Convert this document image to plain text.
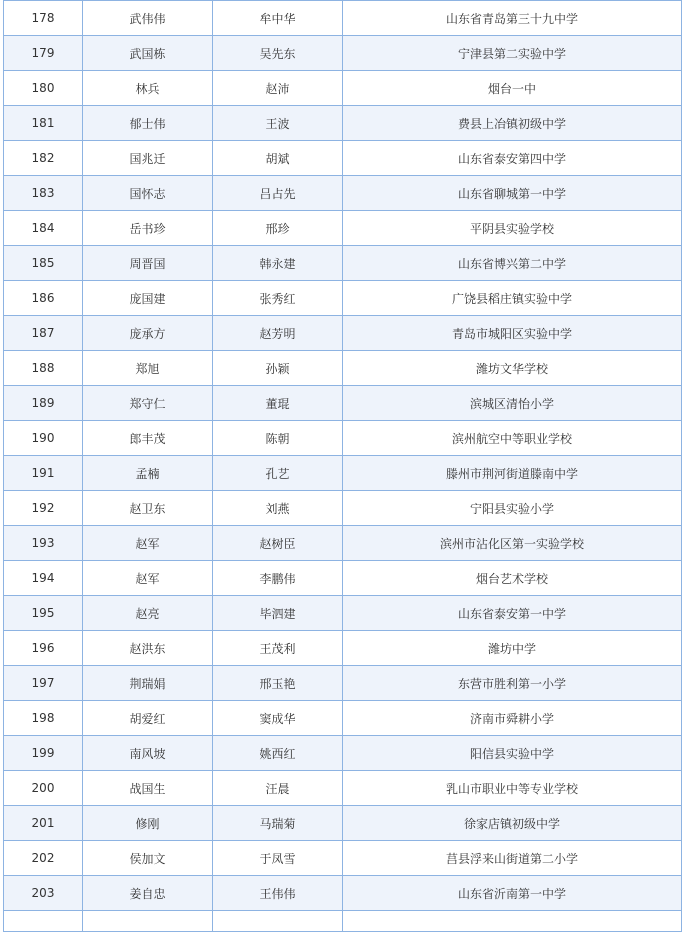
178	武伟伟	牟中华	山东省青岛第三十九中学
179	武国栋	吴先东	宁津县第二实验中学
180	林兵	赵沛	烟台一中
181	郁士伟	王波	费县上冶镇初级中学
182	国兆迁	胡斌	山东省泰安第四中学
183	国怀志	吕占先	山东省聊城第一中学
184	岳书珍	邢珍	平阴县实验学校
185	周晋国	韩永建	山东省博兴第二中学
186	庞国建	张秀红	广饶县稻庄镇实验中学
187	庞承方	赵芳明	青岛市城阳区实验中学
188	郑旭	孙颖	潍坊文华学校
189	郑守仁	董琨	滨城区清怡小学
190	郎丰茂	陈朝	滨州航空中等职业学校
191	孟楠	孔艺	滕州市荆河街道滕南中学
192	赵卫东	刘燕	宁阳县实验小学
193	赵军	赵树臣	滨州市沾化区第一实验学校
194	赵军	李鹏伟	烟台艺术学校
195	赵亮	毕泗建	山东省泰安第一中学
196	赵洪东	王茂利	潍坊中学
197	荆瑞娟	邢玉艳	东营市胜利第一小学
198	胡爱红	窦成华	济南市舜耕小学
199	南风坡	姚西红	阳信县实验中学
200	战国生	汪晨	乳山市职业中等专业学校
201	修刚	马瑞菊	徐家店镇初级中学
202	侯加文	于凤雪	莒县浮来山街道第二小学
203	姜自忠	王伟伟	山东省沂南第一中学
